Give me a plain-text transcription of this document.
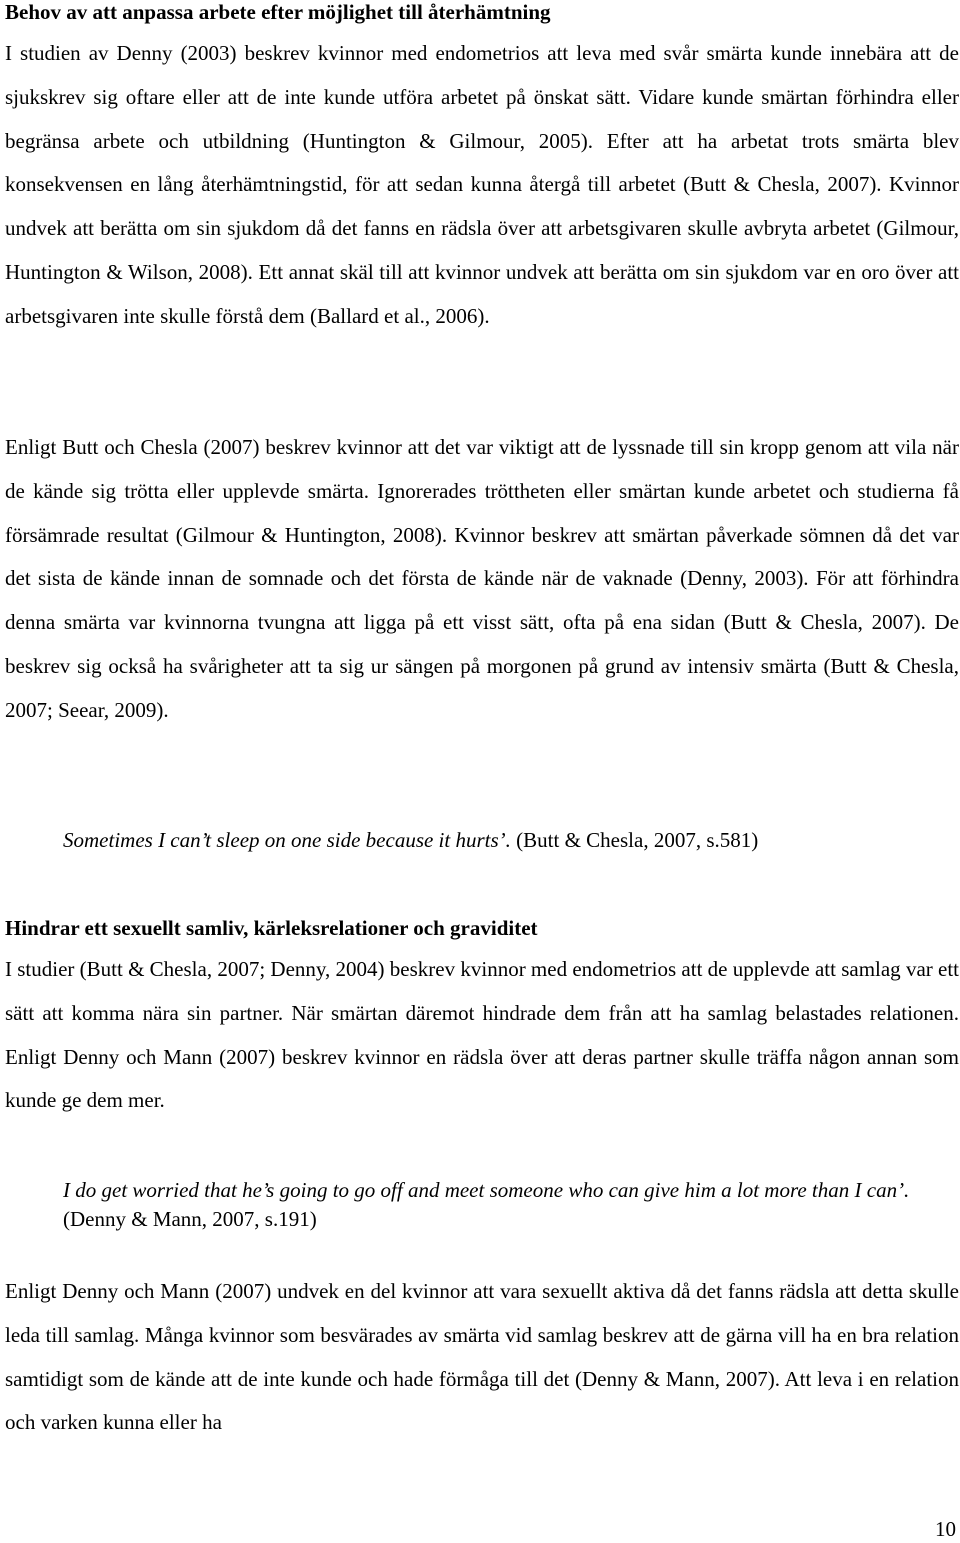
Behov av att anpassa arbete efter möjlighet till återhämtning
I studien av Denny (2003) beskrev kvinnor med endometrios att leva med svår smärta kunde innebära att de sjukskrev sig oftare eller att de inte kunde utföra arbetet på önskat sätt. Vidare kunde smärtan förhindra eller begränsa arbete och utbildning (Huntington & Gilmour, 2005). Efter att ha arbetat trots smärta blev konsekvensen en lång återhämtningstid, för att sedan kunna återgå till arbetet (Butt & Chesla, 2007). Kvinnor undvek att berätta om sin sjukdom då det fanns en rädsla över att arbetsgivaren skulle avbryta arbetet (Gilmour, Huntington & Wilson, 2008). Ett annat skäl till att kvinnor undvek att berätta om sin sjukdom var en oro över att arbetsgivaren inte skulle förstå dem (Ballard et al., 2006).
Enligt Butt och Chesla (2007) beskrev kvinnor att det var viktigt att de lyssnade till sin kropp genom att vila när de kände sig trötta eller upplevde smärta. Ignorerades tröttheten eller smärtan kunde arbetet och studierna få försämrade resultat (Gilmour & Huntington, 2008). Kvinnor beskrev att smärtan påverkade sömnen då det var det sista de kände innan de somnade och det första de kände när de vaknade (Denny, 2003). För att förhindra denna smärta var kvinnorna tvungna att ligga på ett visst sätt, ofta på ena sidan (Butt & Chesla, 2007). De beskrev sig också ha svårigheter att ta sig ur sängen på morgonen på grund av intensiv smärta (Butt & Chesla, 2007; Seear, 2009).
Sometimes I can’t sleep on one side because it hurts’. (Butt & Chesla, 2007, s.581)
Hindrar ett sexuellt samliv, kärleksrelationer och graviditet
I studier (Butt & Chesla, 2007; Denny, 2004) beskrev kvinnor med endometrios att de upplevde att samlag var ett sätt att komma nära sin partner. När smärtan däremot hindrade dem från att ha samlag belastades relationen. Enligt Denny och Mann (2007) beskrev kvinnor en rädsla över att deras partner skulle träffa någon annan som kunde ge dem mer.
I do get worried that he’s going to go off and meet someone who can give him a lot more than I can’. (Denny & Mann, 2007, s.191)
Enligt Denny och Mann (2007) undvek en del kvinnor att vara sexuellt aktiva då det fanns rädsla att detta skulle leda till samlag. Många kvinnor som besvärades av smärta vid samlag beskrev att de gärna vill ha en bra relation samtidigt som de kände att de inte kunde och hade förmåga till det (Denny & Mann, 2007). Att leva i en relation och varken kunna eller ha
10
